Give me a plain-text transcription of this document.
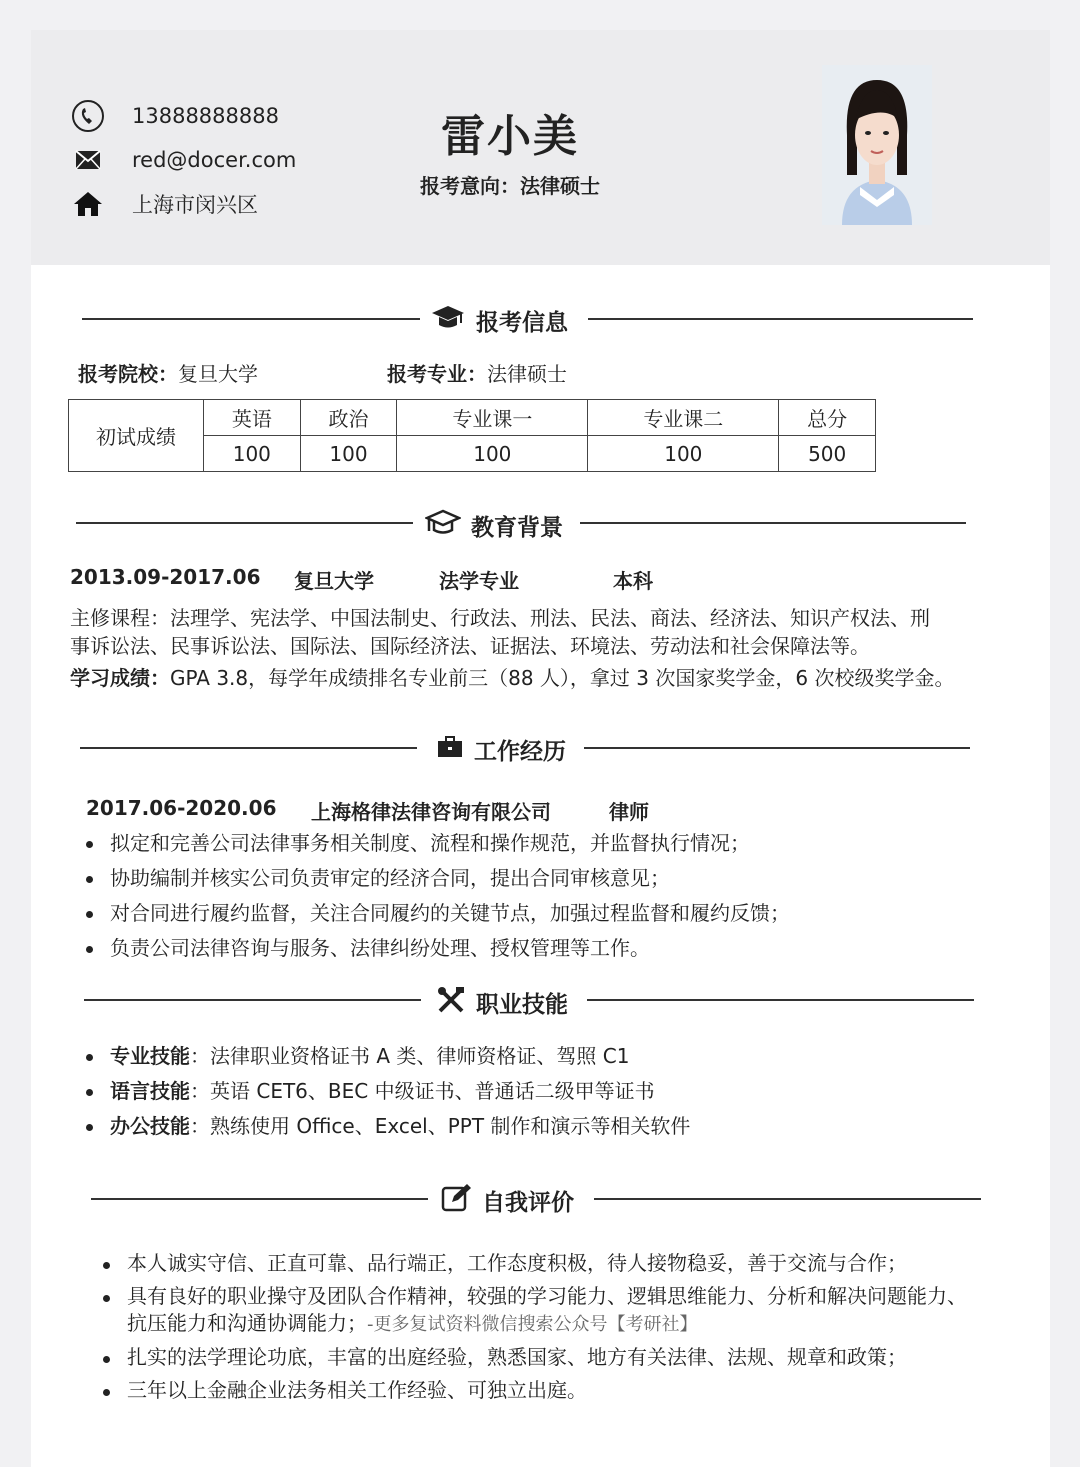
13888888888
red@docer.com
上海市闵兴区
雷小美
报考意向：法律硕士
报考信息
报考院校：复旦大学	报考专业：法律硕士
初试成绩	英语	政治	专业课一	专业课二	总分
	100	100	100	100	500
教育背景
2013.09-2017.06 复旦大学	法学专业	本科
主修课程：法理学、宪法学、中国法制史、行政法、刑法、民法、商法、经济法、知识产权法、刑
事诉讼法、民事诉讼法、国际法、国际经济法、证据法、环境法、劳动法和社会保障法等。
学习成绩：GPA 3.8，每学年成绩排名专业前三（88 人），拿过 3 次国家奖学金，6 次校级奖学金。
工作经历
2017.06-2020.06 上海格律法律咨询有限公司	律师
拟定和完善公司法律事务相关制度、流程和操作规范，并监督执行情况；
协助编制并核实公司负责审定的经济合同，提出合同审核意见；
对合同进行履约监督，关注合同履约的关键节点，加强过程监督和履约反馈；
负责公司法律咨询与服务、法律纠纷处理、授权管理等工作。
职业技能
专业技能：法律职业资格证书 A 类、律师资格证、驾照 C1
语言技能：英语 CET6、BEC 中级证书、普通话二级甲等证书
办公技能：熟练使用 Office、Excel、PPT 制作和演示等相关软件
自我评价
本人诚实守信、正直可靠、品行端正，工作态度积极，待人接物稳妥，善于交流与合作；
具有良好的职业操守及团队合作精神，较强的学习能力、逻辑思维能力、分析和解决问题能力、
抗压能力和沟通协调能力；-更多复试资料微信搜索公众号【考研社】
扎实的法学理论功底，丰富的出庭经验，熟悉国家、地方有关法律、法规、规章和政策；
三年以上金融企业法务相关工作经验、可独立出庭。
